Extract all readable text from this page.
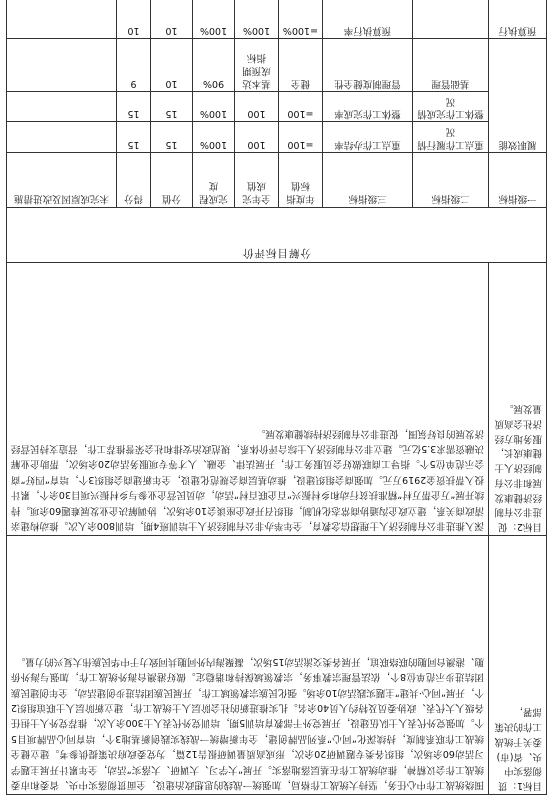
目标1：贯彻落实中央、省(市)委关于统战工作的决策部署，	围绕统战工作中心任务，坚持大统战工作格局，加强统一战线的思想政治建设，全面贯彻落实中央、省委和市委统战工作会议精神，推动统战工作在基层落地落实。开展“大学习、大调研、大落实”活动，全年累计开展主题学习活动60余场次，组织各类专题调研20余次，形成高质量调研报告12篇，为党委政府决策提供参考。建立健全统战工作联系制度，持续深化“同心”系列品牌创建，全年新增统一战线实践创新基地3个，培育同心品牌项目5个。加强党外代表人士队伍建设，开展党外干部教育培训5期，培训党外代表人士300余人次，推荐党外人士担任各级人大代表、政协委员及特约人员40余名。扎实推进新的社会阶层人士统战工作，建立新阶层人士联谊组织2个，开展“同心·共建”主题实践活动10余场。强化民族宗教领域工作，开展民族团结进步创建活动，全年创建民族团结进步示范单位8个，依法管理宗教事务，宗教领域保持和谐稳定。做好港澳台海外统战工作，加强与海外侨胞、港澳台同胞的联络联谊，开展各类交流活动15场次，凝聚海内外同胞共同致力于中华民族伟大复兴的力量。							
目标2：促进非公有制经济健康发展和非公有制经济人士健康成长，服务地方经济社会高质量发展。	深入推进非公有制经济人士理想信念教育，全年举办非公有制经济人士培训班4期，培训800余人次。推动构建亲清政商关系，建立政企沟通协商常态化机制，组织召开政企座谈会10余场次，协调解决企业发展难题60余项。持续开展“万企帮万村”精准扶贫行动和乡村振兴“百企联百村”活动，动员民营企业参与乡村振兴项目30余个，累计投入帮扶资金2919万元。加强商会组织建设，推动基层商会规范化建设，全年新建商会组织3个，培育“四好”商会示范单位5个。指导工商联做好会员服务工作，开展法律、金融、人才等专项服务活动20余场次，帮助企业解决融资需求3.5亿元。建立非公有制经济人士综合评价体系，规范政治安排和社会荣誉推荐工作，营造支持民营经济发展的良好氛围，促进非公有制经济持续健康发展。							
分解目标评价								
一级指标	二级指标	三级指标	年度指标值	全年完成值	完成程度	分值	得分	未完成原因及改进措施
履职效能	重点工作履行情况	重点工作办结率	=100	100	100%	15	15	
	整体工作完成情况	整体工作完成率	=100	100	100%	15	15	
	基础管理	管理制度健全性	健全	基本达成预期指标	90%	10	9	
预算执行		预算执行率	=100%	100%	100%	10	10	
